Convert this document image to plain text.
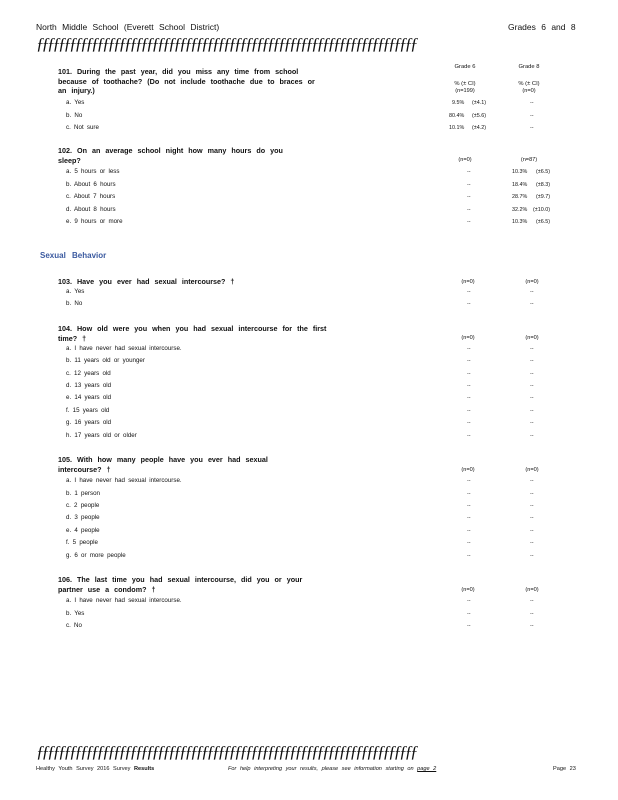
North Middle School (Everett School District)	Grades 6 and 8
ƒƒƒƒƒƒƒƒƒƒƒƒƒƒƒƒƒƒƒƒƒƒƒƒƒƒƒƒƒƒƒƒƒƒƒƒƒƒƒƒƒƒƒƒƒƒƒƒƒƒƒƒƒƒƒƒƒƒƒƒƒƒƒƒƒƒƒƒƒ
101. During the past year, did you miss any time from school because of toothache? (Do not include toothache due to braces or an injury.)
Grade 6	Grade 8
% (± CI)	% (± CI)
(n=199)	(n=0)
a. Yes	9.5% (±4.1)	--
b. No	80.4% (±5.6)	--
c. Not sure	10.1% (±4.2)	--
102. On an average school night how many hours do you sleep?	(n=0)	(n=87)
a. 5 hours or less	--	10.3% (±6.5)
b. About 6 hours	--	18.4% (±8.3)
c. About 7 hours	--	28.7% (±9.7)
d. About 8 hours	--	32.2% (±10.0)
e. 9 hours or more	--	10.3% (±6.5)
Sexual Behavior
103. Have you ever had sexual intercourse? †	(n=0)	(n=0)
a. Yes	--	--
b. No	--	--
104. How old were you when you had sexual intercourse for the first time? †	(n=0)	(n=0)
a. I have never had sexual intercourse.	--	--
b. 11 years old or younger	--	--
c. 12 years old	--	--
d. 13 years old	--	--
e. 14 years old	--	--
f. 15 years old	--	--
g. 16 years old	--	--
h. 17 years old or older	--	--
105. With how many people have you ever had sexual intercourse? †	(n=0)	(n=0)
a. I have never had sexual intercourse.	--	--
b. 1 person	--	--
c. 2 people	--	--
d. 3 people	--	--
e. 4 people	--	--
f. 5 people	--	--
g. 6 or more people	--	--
106. The last time you had sexual intercourse, did you or your partner use a condom? †	(n=0)	(n=0)
a. I have never had sexual intercourse.	--	--
b. Yes	--	--
c. No	--	--
ƒƒƒƒƒƒƒƒƒƒƒƒƒƒƒƒƒƒƒƒƒƒƒƒƒƒƒƒƒƒƒƒƒƒƒƒƒƒƒƒƒƒƒƒƒƒƒƒƒƒƒƒƒƒƒƒƒƒƒƒƒƒƒƒƒƒƒƒƒ
Healthy Youth Survey 2016 Survey Results	For help interpreting your results, please see information starting on page 2	Page 23
